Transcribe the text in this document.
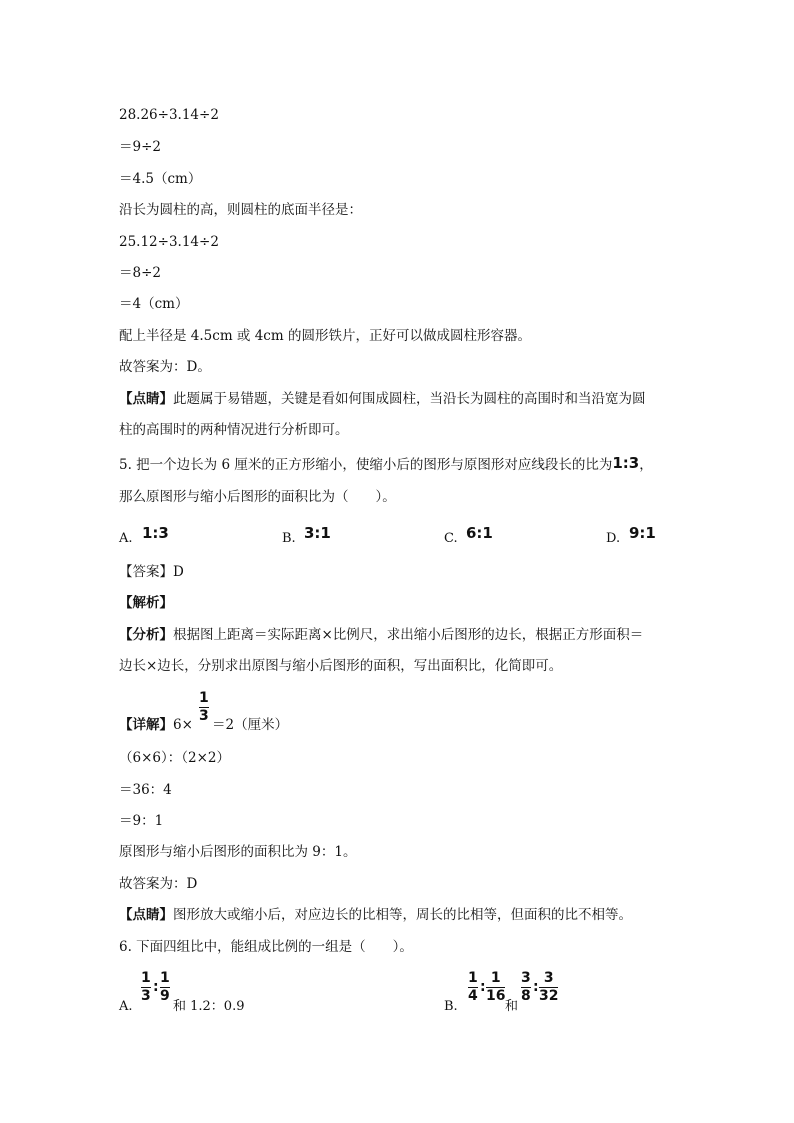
28.26÷3.14÷2
＝9÷2
＝4.5（cm）
沿长为圆柱的高，则圆柱的底面半径是：
25.12÷3.14÷2
＝8÷2
＝4（cm）
配上半径是 4.5cm 或 4cm 的圆形铁片，正好可以做成圆柱形容器。
故答案为：D。
【点睛】此题属于易错题，关键是看如何围成圆柱，当沿长为圆柱的高围时和当沿宽为圆
柱的高围时的两种情况进行分析即可。
5. 把一个边长为 6 厘米的正方形缩小，使缩小后的图形与原图形对应线段长的比为1:3，
那么原图形与缩小后图形的面积比为（　　）。
A. 1:3	B. 3:1	C. 6:1	D. 9:1
【答案】D
【解析】
【分析】根据图上距离＝实际距离×比例尺，求出缩小后图形的边长，根据正方形面积＝
边长×边长，分别求出原图与缩小后图形的面积，写出面积比，化简即可。
【详解】6×
1
3
＝2（厘米）
（6×6）：（2×2）
＝36：4
＝9：1
原图形与缩小后图形的面积比为 9：1。
故答案为：D
【点睛】图形放大或缩小后，对应边长的比相等，周长的比相等，但面积的比不相等。
6. 下面四组比中，能组成比例的一组是（　　）。
A.
1
3
:
1
9
和 1.2：0.9	B.
1
4
:
1
16
和
3
8
:
3
32
